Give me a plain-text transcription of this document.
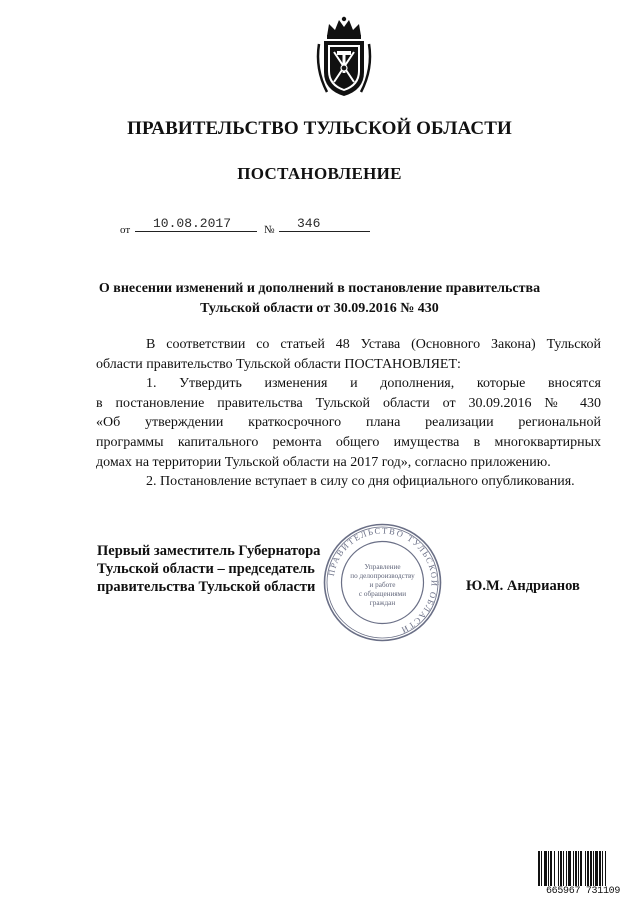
ПРАВИТЕЛЬСТВО ТУЛЬСКОЙ ОБЛАСТИ
ПОСТАНОВЛЕНИЕ
от	10.08.2017	№	346
О внесении изменений и дополнений в постановление правительства
Тульской области от 30.09.2016 № 430

В соответствии со статьей 48 Устава (Основного Закона) Тульской

области правительство Тульской области ПОСТАНОВЛЯЕТ:

1. Утвердить изменения и дополнения, которые вносятся

в постановление правительства Тульской области от 30.09.2016 № 430

«Об утверждении краткосрочного плана реализации региональной

программы капитального ремонта общего имущества в многоквартирных

домах на территории Тульской области на 2017 год», согласно приложению.

2. Постановление вступает в силу со дня официального опубликования.

Первый заместитель Губернатора
Тульской области – председатель
правительства Тульской области	Ю.М. Андрианов
ПРАВИТЕЛЬСТВО ТУЛЬСКОЙ ОБЛАСТИ
Управление
по делопроизводству
и работе
с обращениями
граждан
665967 731109
